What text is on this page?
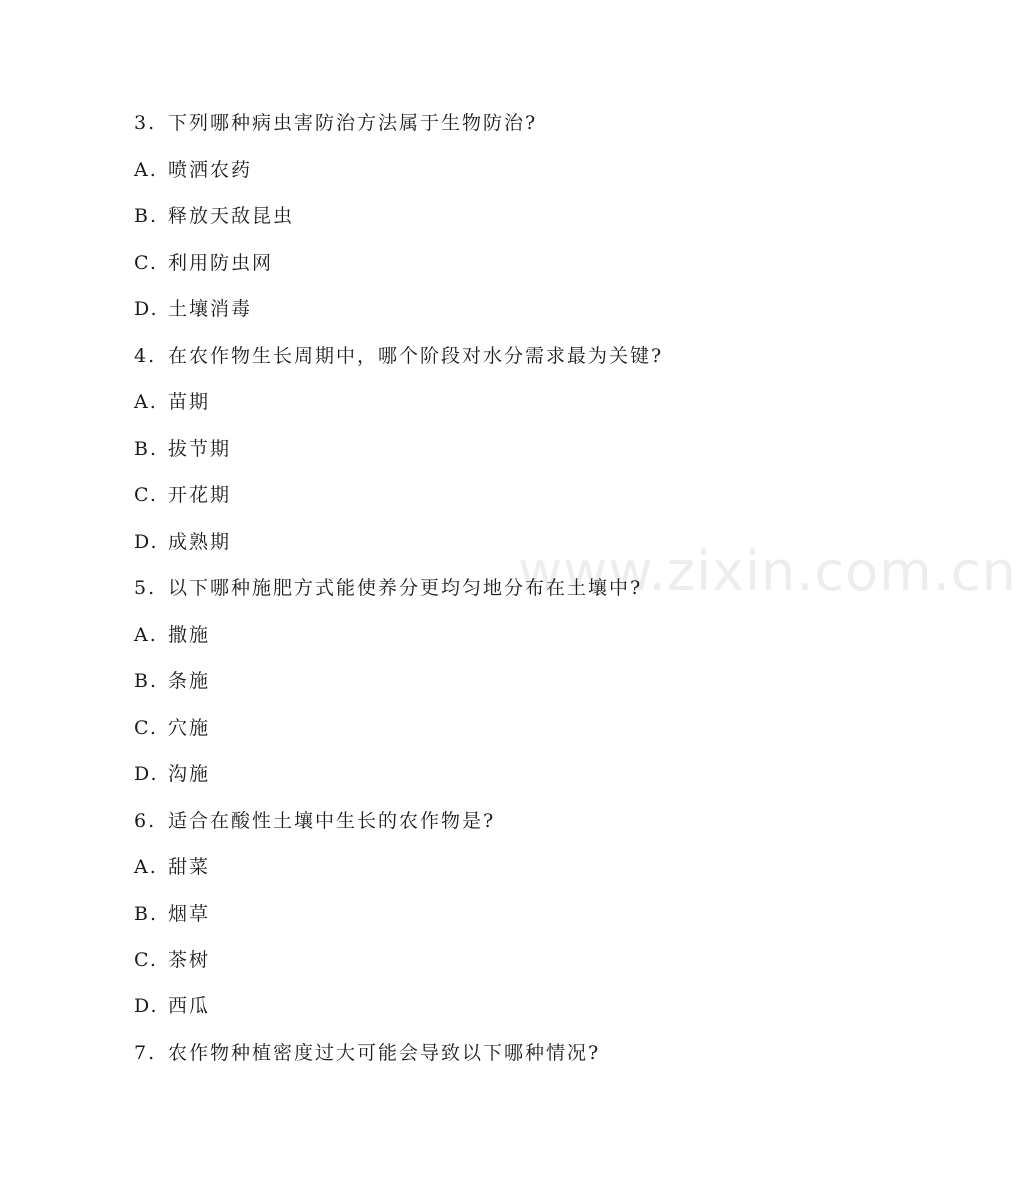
3. 下列哪种病虫害防治方法属于生物防治?
A. 喷洒农药
B. 释放天敌昆虫
C. 利用防虫网
D. 土壤消毒
4. 在农作物生长周期中，哪个阶段对水分需求最为关键?
A. 苗期
B. 拔节期
C. 开花期
D. 成熟期
5. 以下哪种施肥方式能使养分更均匀地分布在土壤中?
A. 撒施
B. 条施
C. 穴施
D. 沟施
6. 适合在酸性土壤中生长的农作物是?
A. 甜菜
B. 烟草
C. 茶树
D. 西瓜
7. 农作物种植密度过大可能会导致以下哪种情况?
www.zixin.com.cn
